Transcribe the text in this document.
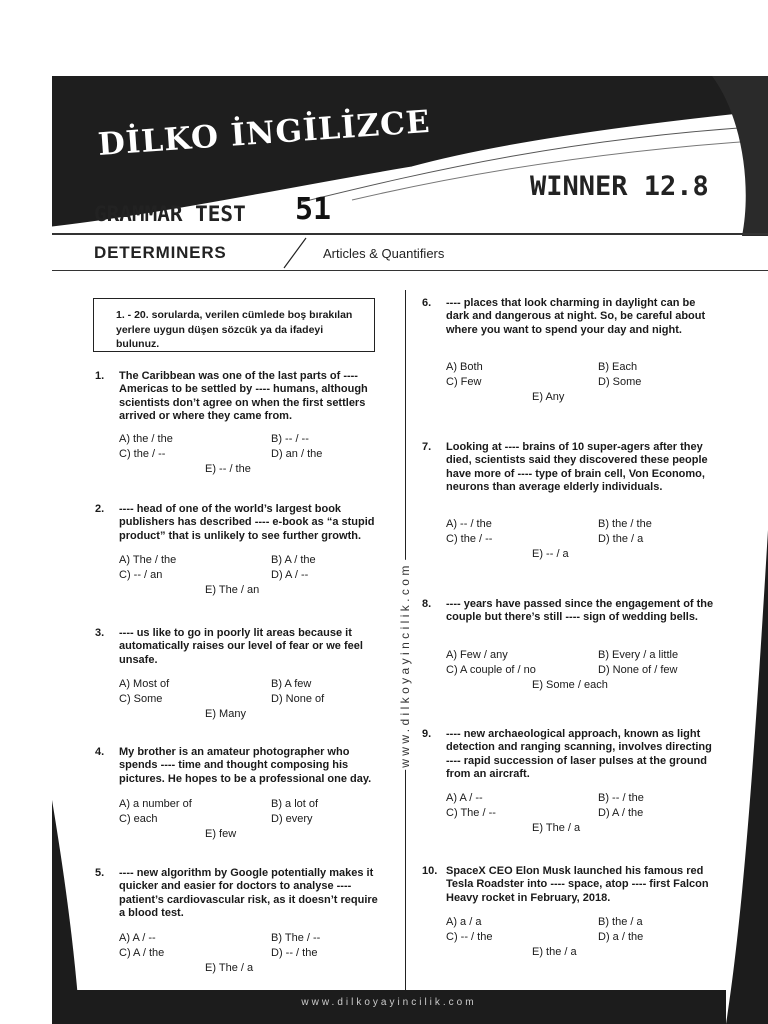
DİLKO İNGİLİZCE
GRAMMAR TEST 51
WINNER 12.8
DETERMINERS	Articles & Quantifiers
www.dilkoyayincilik.com
www.dilkoyayincilik.com
1. - 20. sorularda, verilen cümlede boş bırakılan yerlere uygun düşen sözcük ya da ifadeyi bulunuz.
1. The Caribbean was one of the last parts of ---- Americas to be settled by ---- humans, although scientists don’t agree on when the first settlers arrived or where they came from.
A) the / the	B) -- / --
C) the / --	D) an / the
E) -- / the
2. ---- head of one of the world’s largest book publishers has described ---- e-book as “a stupid product” that is unlikely to see further growth.
A) The / the	B) A / the
C) -- / an	D) A / --
E) The / an
3. ---- us like to go in poorly lit areas because it automatically raises our level of fear or we feel unsafe.
A) Most of	B) A few
C) Some	D) None of
E) Many
4. My brother is an amateur photographer who spends ---- time and thought composing his pictures. He hopes to be a professional one day.
A) a number of	B) a lot of
C) each	D) every
E) few
5. ---- new algorithm by Google potentially makes it quicker and easier for doctors to analyse ---- patient’s cardiovascular risk, as it doesn’t require a blood test.
A) A / --	B) The / --
C) A / the	D) -- / the
E) The / a
6. ---- places that look charming in daylight can be dark and dangerous at night. So, be careful about where you want to spend your day and night.
A) Both	B) Each
C) Few	D) Some
E) Any
7. Looking at ---- brains of 10 super-agers after they died, scientists said they discovered these people have more of ---- type of brain cell, Von Economo, neurons than average elderly individuals.
A) -- / the	B) the / the
C) the / --	D) the / a
E) -- / a
8. ---- years have passed since the engagement of the couple but there’s still ---- sign of wedding bells.
A) Few / any	B) Every / a little
C) A couple of / no	D) None of / few
E) Some / each
9. ---- new archaeological approach, known as light detection and ranging scanning, involves directing ---- rapid succession of laser pulses at the ground from an aircraft.
A) A / --	B) -- / the
C) The / --	D) A / the
E) The / a
10. SpaceX CEO Elon Musk launched his famous red Tesla Roadster into ---- space, atop ---- first Falcon Heavy rocket in February, 2018.
A) a / a	B) the / a
C) -- / the	D) a / the
E) the / a
